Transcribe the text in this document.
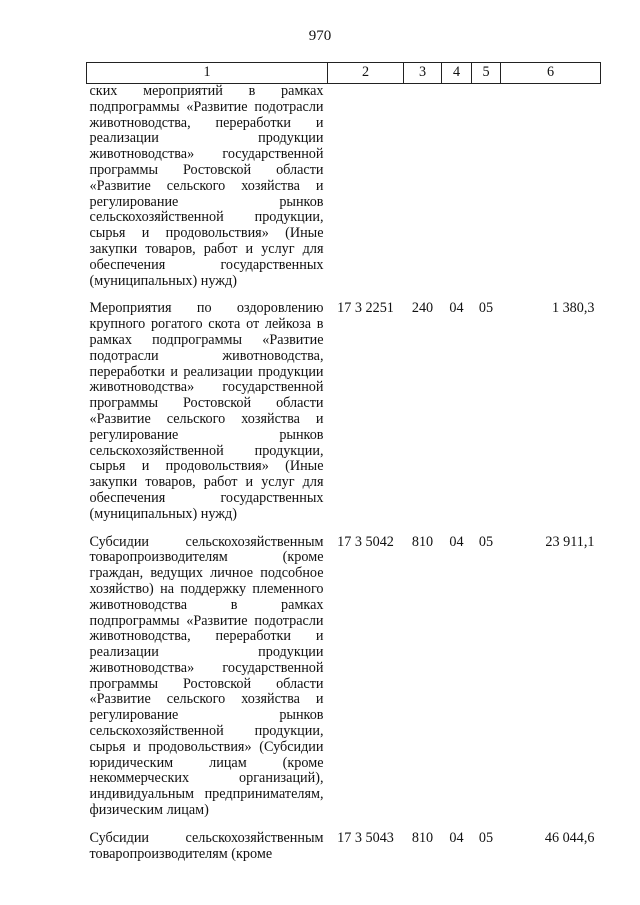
970
1	2	3	4	5	6
ских мероприятий в рамках подпрограммы «Развитие подотрасли животноводства, переработки и реализации продукции животноводства» государственной программы Ростовской области «Развитие сельского хозяйства и регулирование рынков сельскохозяйственной продукции, сырья и продовольствия» (Иные закупки товаров, работ и услуг для обеспечения государственных (муниципальных) нужд)					

Мероприятия по оздоровлению крупного рогатого скота от лейкоза в рамках подпрограммы «Развитие подотрасли животноводства, переработки и реализации продукции животноводства» государственной программы Ростовской области «Развитие сельского хозяйства и регулирование рынков сельскохозяйственной продукции, сырья и продовольствия» (Иные закупки товаров, работ и услуг для обеспечения государственных (муниципальных) нужд)	17 3 2251	240	04	05	1 380,3

Субсидии сельскохозяйственным товаропроизводителям (кроме граждан, ведущих личное подсобное хозяйство) на поддержку племенного животноводства в рамках подпрограммы «Развитие подотрасли животноводства, переработки и реализации продукции животноводства» государственной программы Ростовской области «Развитие сельского хозяйства и регулирование рынков сельскохозяйственной продукции, сырья и продовольствия» (Субсидии юридическим лицам (кроме некоммерческих организаций), индивидуальным предпринимателям, физическим лицам)	17 3 5042	810	04	05	23 911,1

Субсидии сельскохозяйственным товаропроизводителям (кроме	17 3 5043	810	04	05	46 044,6
